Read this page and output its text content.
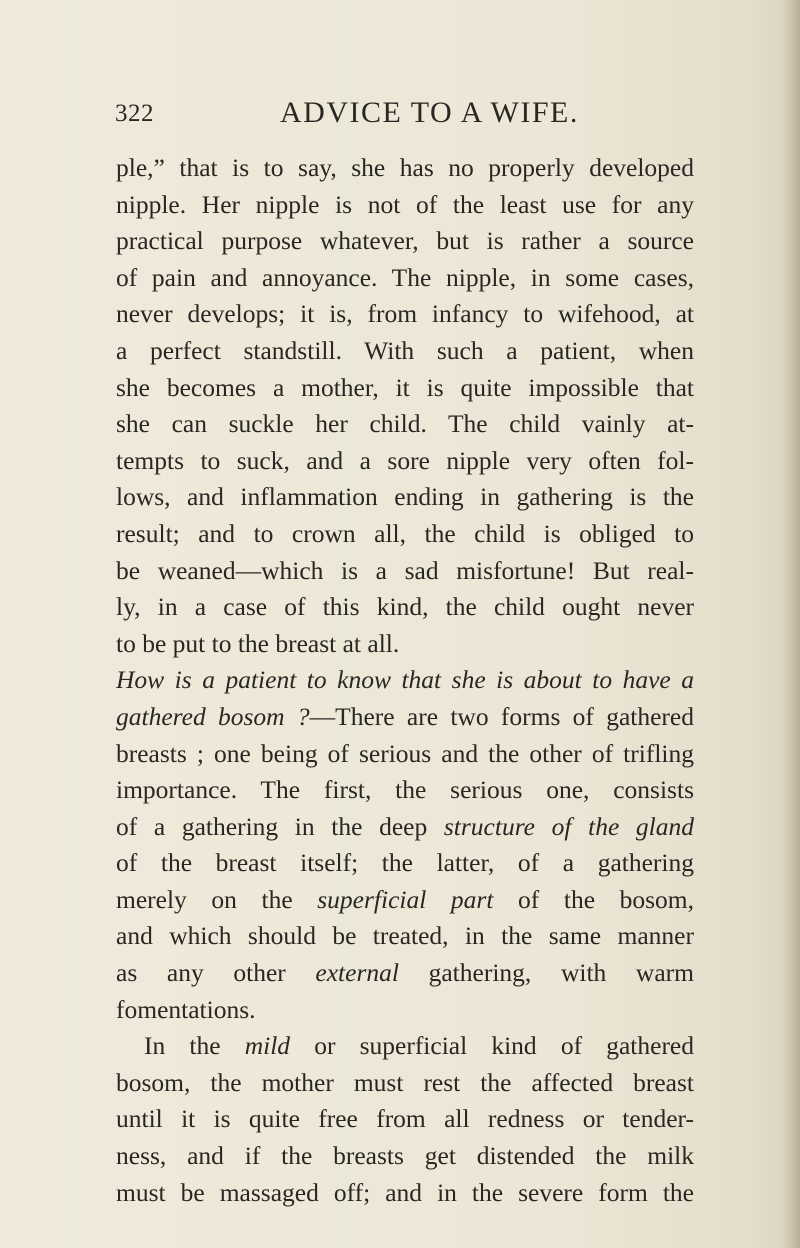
322	ADVICE TO A WIFE.
ple,” that is to say, she has no properly developed
nipple. Her nipple is not of the least use for any
practical purpose whatever, but is rather a source
of pain and annoyance. The nipple, in some cases,
never develops; it is, from infancy to wifehood, at
a perfect standstill. With such a patient, when
she becomes a mother, it is quite impossible that
she can suckle her child. The child vainly at-
tempts to suck, and a sore nipple very often fol-
lows, and inflammation ending in gathering is the
result; and to crown all, the child is obliged to
be weaned—which is a sad misfortune! But real-
ly, in a case of this kind, the child ought never
to be put to the breast at all.
How is a patient to know that she is about to have a
gathered bosom ?—There are two forms of gathered
breasts ; one being of serious and the other of trifling
importance. The first, the serious one, consists
of a gathering in the deep structure of the gland
of the breast itself; the latter, of a gathering
merely on the superficial part of the bosom,
and which should be treated, in the same manner
as any other external gathering, with warm
fomentations.
In the mild or superficial kind of gathered
bosom, the mother must rest the affected breast
until it is quite free from all redness or tender-
ness, and if the breasts get distended the milk
must be massaged off; and in the severe form the
